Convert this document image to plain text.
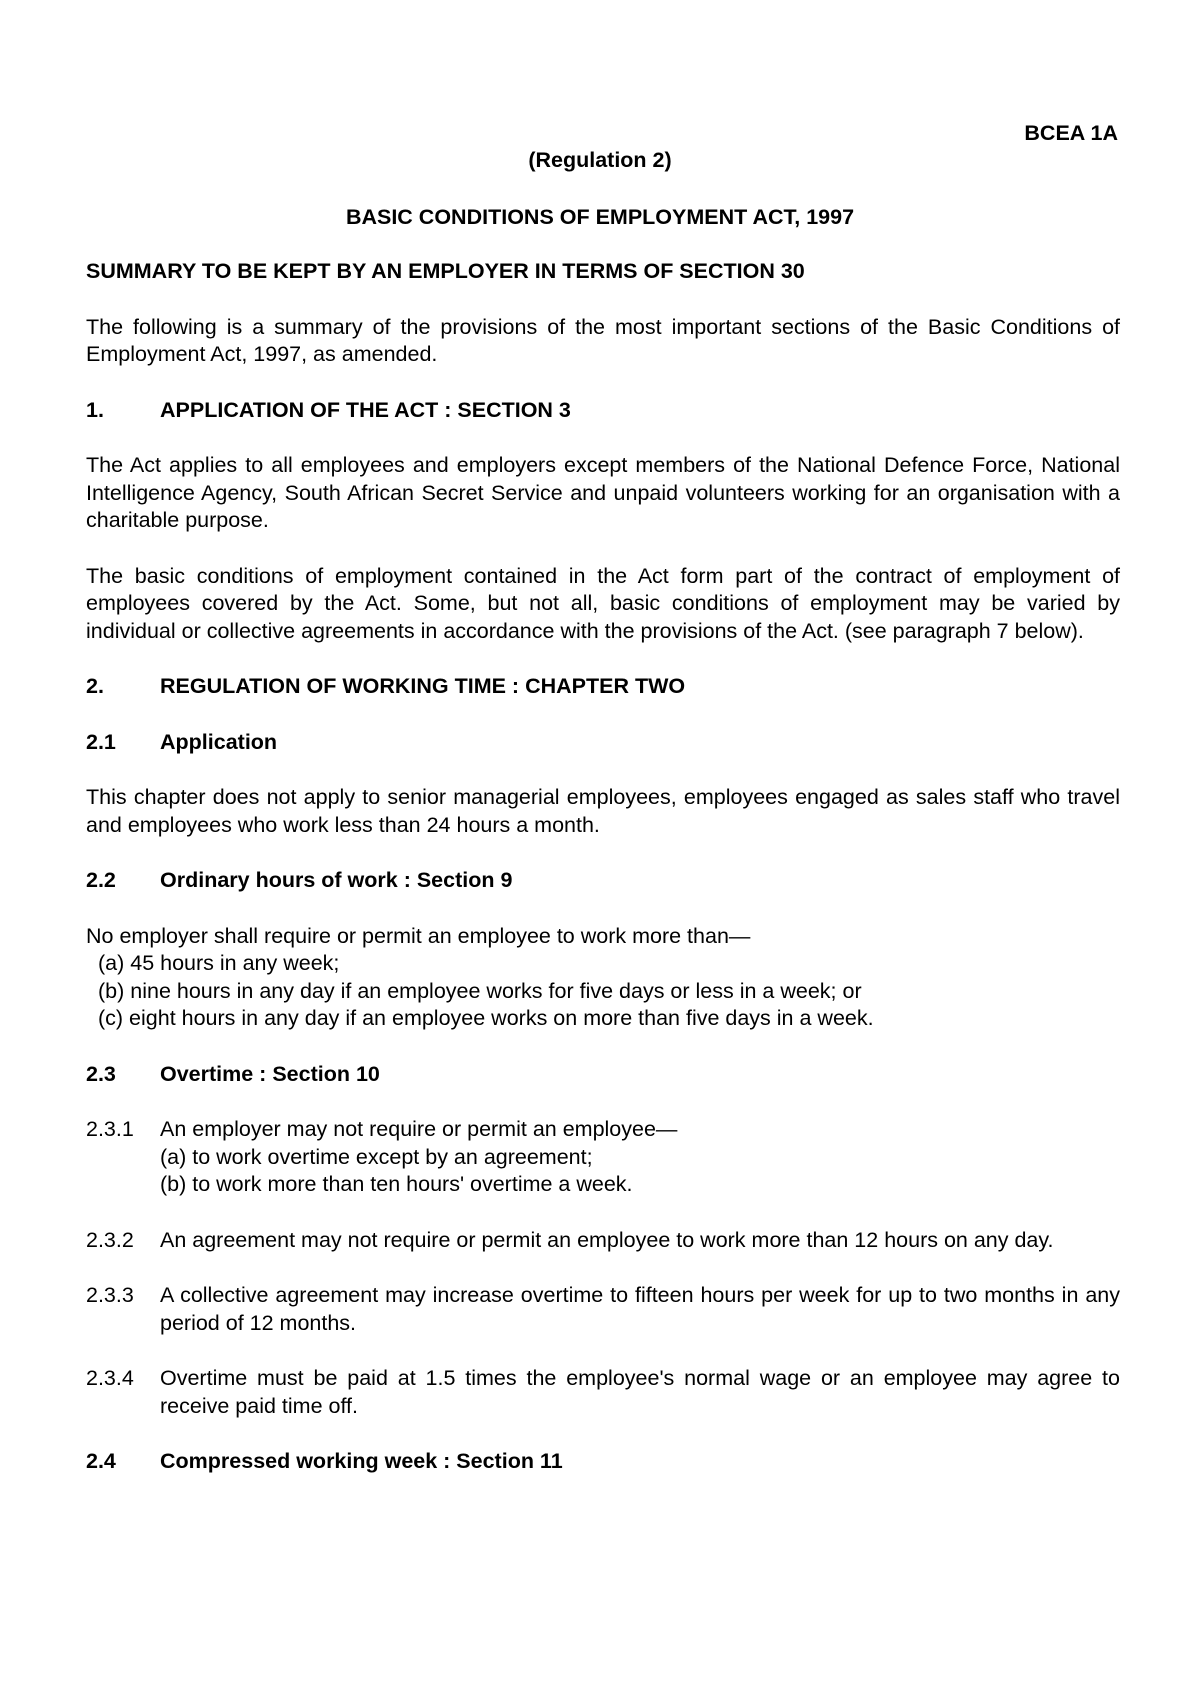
BCEA 1A

(Regulation 2)

BASIC CONDITIONS OF EMPLOYMENT ACT, 1997

SUMMARY TO BE KEPT BY AN EMPLOYER IN TERMS OF SECTION 30

The following is a summary of the provisions of the most important sections of the Basic Conditions of Employment Act, 1997, as amended.

1.	APPLICATION OF THE ACT : SECTION 3

The Act applies to all employees and employers except members of the National Defence Force, National Intelligence Agency, South African Secret Service and unpaid volunteers working for an organisation with a charitable purpose.

The basic conditions of employment contained in the Act form part of the contract of employment of employees covered by the Act. Some, but not all, basic conditions of employment may be varied by individual or collective agreements in accordance with the provisions of the Act. (see paragraph 7 below).

2.	REGULATION OF WORKING TIME : CHAPTER TWO
2.1	Application

This chapter does not apply to senior managerial employees, employees engaged as sales staff who travel and employees who work less than 24 hours a month.

2.2	Ordinary hours of work : Section 9

No employer shall require or permit an employee to work more than—

(a) 45 hours in any week;
(b) nine hours in any day if an employee works for five days or less in a week; or
(c) eight hours in any day if an employee works on more than five days in a week.
2.3	Overtime : Section 10
2.3.1	An employer may not require or permit an employee—

(a) to work overtime except by an agreement;

(b) to work more than ten hours' overtime a week.

2.3.2	An agreement may not require or permit an employee to work more than 12 hours on any day.

2.3.3	A collective agreement may increase overtime to fifteen hours per week for up to two months in any period of 12 months.

2.3.4	Overtime must be paid at 1.5 times the employee's normal wage or an employee may agree to receive paid time off.

2.4	Compressed working week : Section 11
